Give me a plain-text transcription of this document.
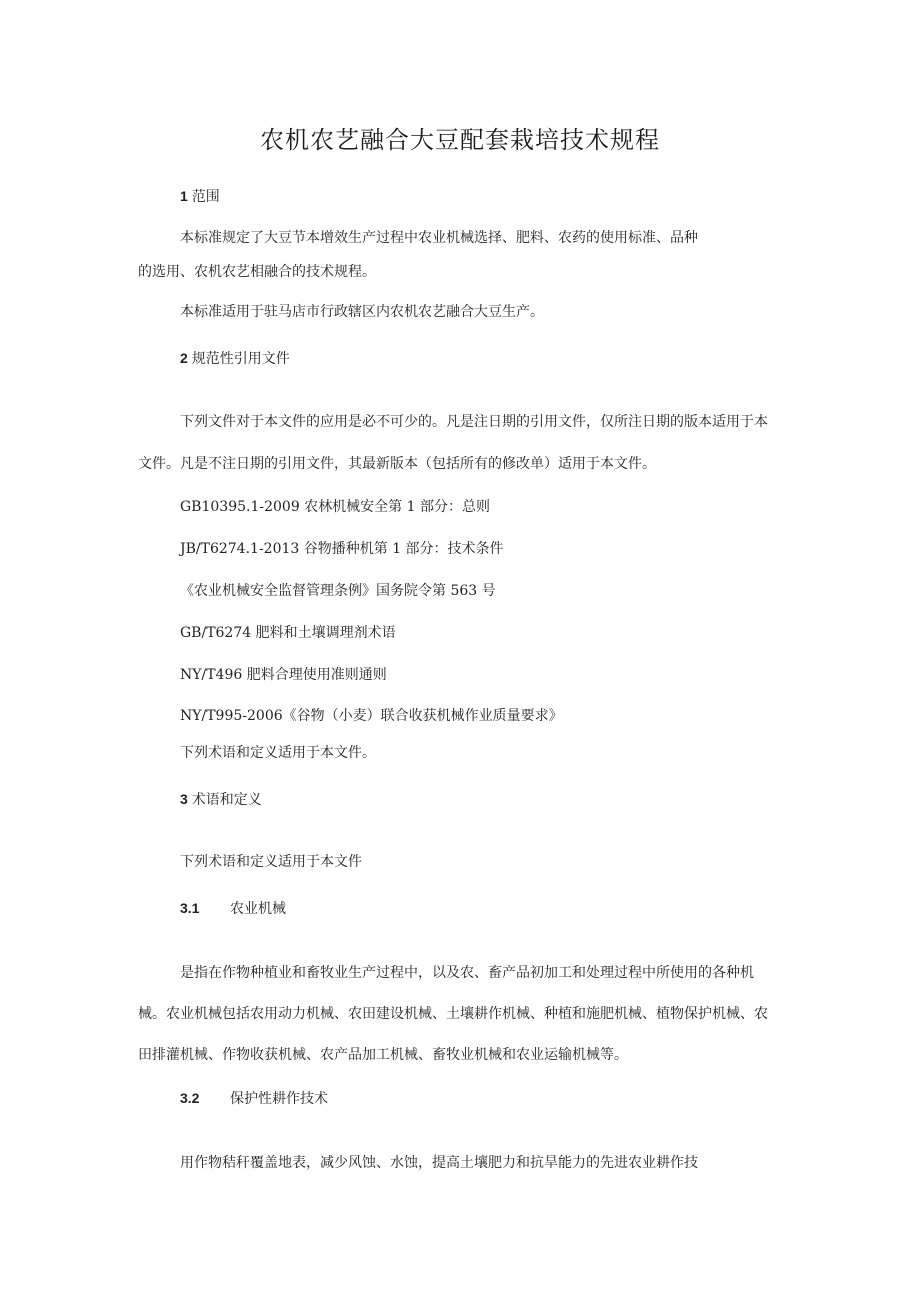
农机农艺融合大豆配套栽培技术规程
1 范围
本标准规定了大豆节本增效生产过程中农业机械选择、肥料、农药的使用标准、品种
的选用、农机农艺相融合的技术规程。
本标准适用于驻马店市行政辖区内农机农艺融合大豆生产。
2 规范性引用文件
下列文件对于本文件的应用是必不可少的。凡是注日期的引用文件，仅所注日期的版本适用于本
文件。凡是不注日期的引用文件，其最新版本（包括所有的修改单）适用于本文件。
GB10395.1-2009 农林机械安全第 1 部分：总则
JB/T6274.1-2013 谷物播种机第 1 部分：技术条件
《农业机械安全监督管理条例》国务院令第 563 号
GB/T6274 肥料和土壤调理剂术语
NY/T496 肥料合理使用准则通则
NY/T995-2006《谷物（小麦）联合收获机械作业质量要求》
下列术语和定义适用于本文件。
3 术语和定义
下列术语和定义适用于本文件
3.1 农业机械
是指在作物种植业和畜牧业生产过程中，以及农、畜产品初加工和处理过程中所使用的各种机
械。农业机械包括农用动力机械、农田建设机械、土壤耕作机械、种植和施肥机械、植物保护机械、农
田排灌机械、作物收获机械、农产品加工机械、畜牧业机械和农业运输机械等。
3.2 保护性耕作技术
用作物秸秆覆盖地表，减少风蚀、水蚀，提高土壤肥力和抗旱能力的先进农业耕作技
